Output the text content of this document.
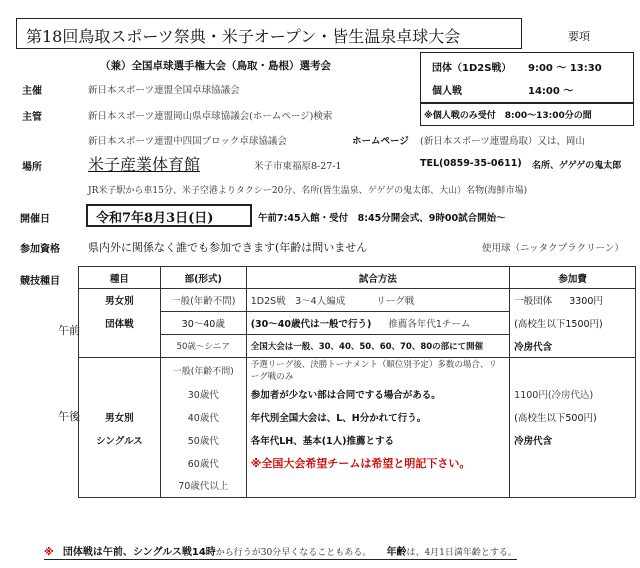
第18回鳥取スポーツ祭典・米子オープン・皆生温泉卓球大会	要項
（兼）全国卓球選手権大会（鳥取・島根）選考会	団体（1D2S戦） 9:00 〜 13:30
個人戦	14:00 〜
※個人戦のみ受付　8:00〜13:00分の間
主催	新日本スポーツ連盟全国卓球協議会
主管	新日本スポーツ連盟岡山県卓球協議会(ホームページ)検索
新日本スポーツ連盟中四国ブロック卓球協議会	ホームページ (新日本スポーツ連盟鳥取）又は、岡山
場所	米子産業体育館	米子市東福原8-27-1	TEL(0859-35-0611) 名所、ゲゲゲの鬼太郎
JR米子駅から車15分、米子空港よりタクシー20分、名所(皆生温泉、ゲゲゲの鬼太郎、大山）名物(海鮮市場)
開催日	令和7年8月3日(日)	午前7:45入館・受付　8:45分開会式、9時00試合開始〜
参加資格	県内外に関係なく誰でも参加できます(年齢は問いません	使用球（ニッタクプラクリーン）
競技種目
午前
午後
種目	部(形式)	試合方法	参加費
男女別	一般(年齢不問)	1D2S戦　3〜4人編成 リーグ戦	一般団体 3300円
団体戦	30〜40歳	(30〜40歳代は一般で行う) 推薦各年代1チーム	(高校生以下1500円)
	50歳〜シニア	全国大会は一般、30、40、50、60、70、80の部にて開催	冷房代含
	一般(年齢不問)	予選リーグ後、決勝トーナメント（順位別予定）多数の場合、リーグ戦のみ	
	30歳代	参加者が少ない部は合同でする場合がある。	1100円(冷房代込)
男女別	40歳代	年代別全国大会は、L、H分かれて行う。	(高校生以下500円)
シングルス	50歳代	各年代LH、基本(1人)推薦とする	冷房代含
	60歳代	※全国大会希望チームは希望と明記下さい。	
	70歳代以上		
※ 団体戦は午前、シングルス戦14時から行うが30分早くなることもある。 年齢は、4月1日満年齢とする。
